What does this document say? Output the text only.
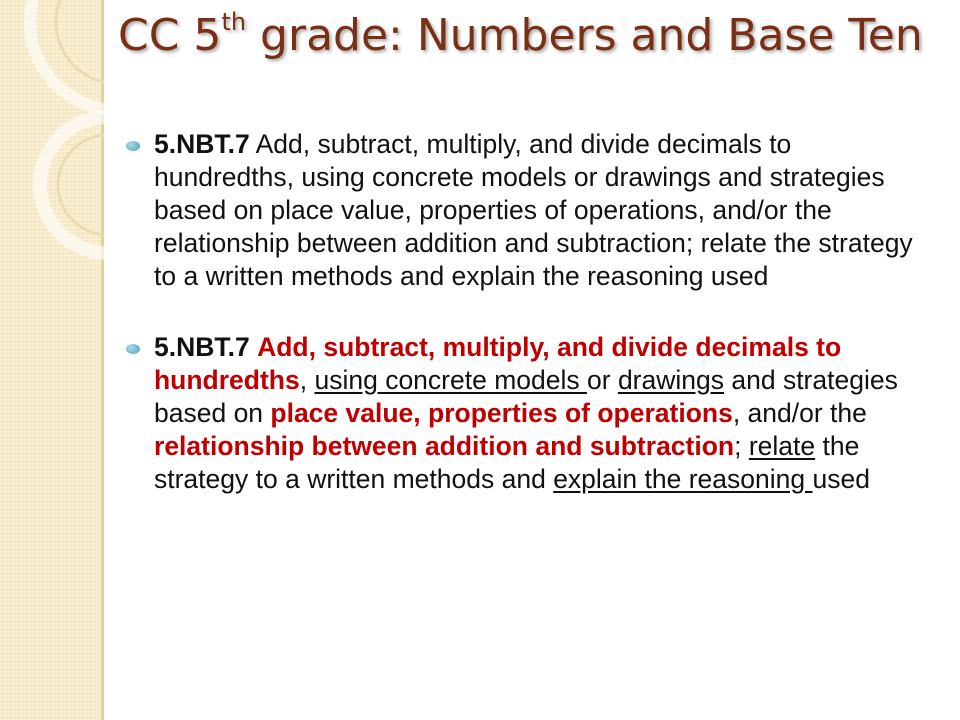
CC 5th grade: Numbers and Base Ten
5.NBT.7 Add, subtract, multiply, and divide decimals to hundredths, using concrete models or drawings and strategies based on place value, properties of operations, and/or the relationship between addition and subtraction; relate the strategy to a written methods and explain the reasoning used
5.NBT.7 Add, subtract, multiply, and divide decimals to hundredths, using concrete models or drawings and strategies based on place value, properties of operations, and/or the relationship between addition and subtraction; relate the strategy to a written methods and explain the reasoning used
